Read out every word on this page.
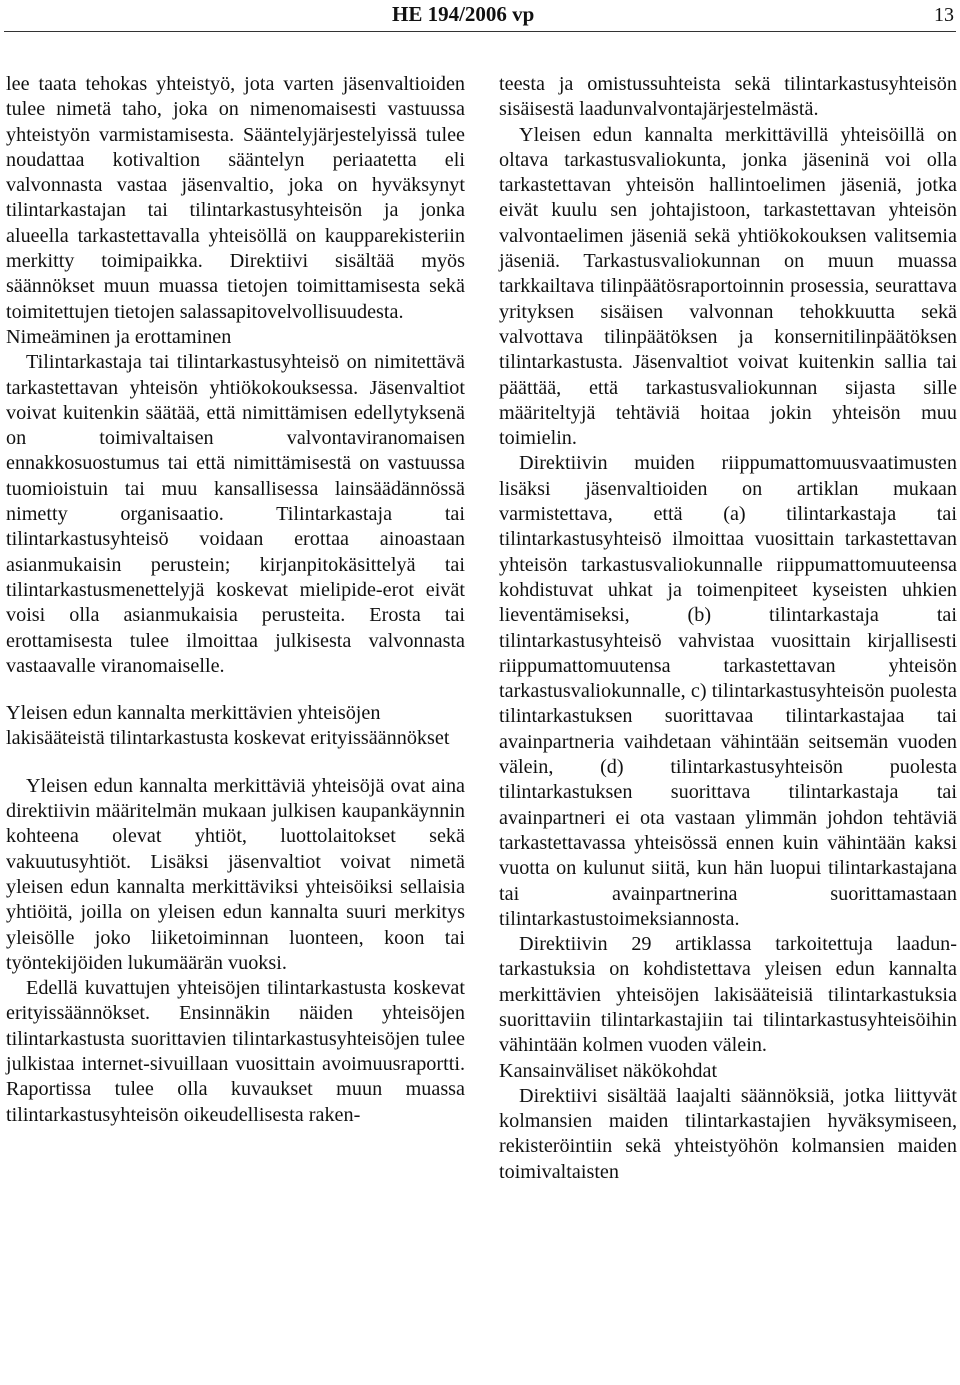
HE 194/2006 vp	13

lee taata tehokas yhteistyö, jota varten jäsenvaltioiden tulee nimetä taho, joka on nimenomaisesti vastuussa yhteistyön varmistamisesta. Sääntelyjärjestelyissä tulee noudattaa kotivaltion sääntelyn periaatetta eli valvonnasta vastaa jäsenvaltio, joka on hyväksynyt tilintarkastajan tai tilintarkastusyhteisön ja jonka alueella tarkastettavalla yhteisöllä on kaupparekisteriin merkitty toimipaikka. Direktiivi sisältää myös säännökset muun muassa tietojen toimittamisesta sekä toimitettujen tietojen salassapitovelvollisuudesta.

Nimeäminen ja erottaminen

Tilintarkastaja tai tilintarkastusyhteisö on nimitettävä tarkastettavan yhteisön yhtiökokouksessa. Jäsenvaltiot voivat kuitenkin säätää, että nimittämisen edellytyksenä on toimivaltaisen valvontaviranomaisen ennakkosuostumus tai että nimittämisestä on vastuussa tuomioistuin tai muu kansallisessa lainsäädännössä nimetty organisaatio. Tilintarkastaja tai tilintarkastusyhteisö voidaan erottaa ainoastaan asianmukaisin perustein; kirjanpitokäsittelyä tai tilintarkastusmenettelyjä koskevat mielipide-erot eivät voisi olla asianmukaisia perusteita. Erosta tai erottamisesta tulee ilmoittaa julkisesta valvonnasta vastaavalle viranomaiselle.

Yleisen edun kannalta merkittävien yhteisöjen lakisääteistä tilintarkastusta koskevat erityissäännökset

Yleisen edun kannalta merkittäviä yhteisöjä ovat aina direktiivin määritelmän mukaan julkisen kaupankäynnin kohteena olevat yhtiöt, luottolaitokset sekä vakuutusyhtiöt. Lisäksi jäsenvaltiot voivat nimetä yleisen edun kannalta merkittäviksi yhteisöiksi sellaisia yhtiöitä, joilla on yleisen edun kannalta suuri merkitys yleisölle joko liiketoiminnan luonteen, koon tai työntekijöiden lukumäärän vuoksi.

Edellä kuvattujen yhteisöjen tilintarkastusta koskevat erityissäännökset. Ensinnäkin näiden yhteisöjen tilintarkastusta suorittavien tilintarkastusyhteisöjen tulee julkistaa internet-sivuillaan vuosittain avoimuusraportti. Raportissa tulee olla kuvaukset muun muassa tilintarkastusyhteisön oikeudellisesta raken-

teesta ja omistussuhteista sekä tilintarkastusyhteisön sisäisestä laadunvalvontajärjestelmästä.

Yleisen edun kannalta merkittävillä yhteisöillä on oltava tarkastusvaliokunta, jonka jäseninä voi olla tarkastettavan yhteisön hallintoelimen jäseniä, jotka eivät kuulu sen johtajistoon, tarkastettavan yhteisön valvontaelimen jäseniä sekä yhtiökokouksen valitsemia jäseniä. Tarkastusvaliokunnan on muun muassa tarkkailtava tilinpäätösraportoinnin prosessia, seurattava yrityksen sisäisen valvonnan tehokkuutta sekä valvottava tilinpäätöksen ja konsernitilinpäätöksen tilintarkastusta. Jäsenvaltiot voivat kuitenkin sallia tai päättää, että tarkastusvaliokunnan sijasta sille määriteltyjä tehtäviä hoitaa jokin yhteisön muu toimielin.

Direktiivin muiden riippumattomuusvaatimusten lisäksi jäsenvaltioiden on artiklan mukaan varmistettava, että (a) tilintarkastaja tai tilintarkastusyhteisö ilmoittaa vuosittain tarkastettavan yhteisön tarkastusvaliokunnalle riippumattomuuteensa kohdistuvat uhkat ja toimenpiteet kyseisten uhkien lieventämiseksi, (b) tilintarkastaja tai tilintarkastusyhteisö vahvistaa vuosittain kirjallisesti riippumattomuutensa tarkastettavan yhteisön tarkastusvaliokunnalle, c) tilintarkastusyhteisön puolesta tilintarkastuksen suorittavaa tilintarkastajaa tai avainpartneria vaihdetaan vähintään seitsemän vuoden välein, (d) tilintarkastusyhteisön puolesta tilintarkastuksen suorittava tilintarkastaja tai avainpartneri ei ota vastaan ylimmän johdon tehtäviä tarkastettavassa yhteisössä ennen kuin vähintään kaksi vuotta on kulunut siitä, kun hän luopui tilintarkastajana tai avainpartnerina suorittamastaan tilintarkastustoimeksiannosta.

Direktiivin 29 artiklassa tarkoitettuja laaduntarkastuksia on kohdistettava yleisen edun kannalta merkittävien yhteisöjen lakisääteisiä tilintarkastuksia suorittaviin tilintarkastajiin tai tilintarkastusyhteisöihin vähintään kolmen vuoden välein.

Kansainväliset näkökohdat

Direktiivi sisältää laajalti säännöksiä, jotka liittyvät kolmansien maiden tilintarkastajien hyväksymiseen, rekisteröintiin sekä yhteistyöhön kolmansien maiden toimivaltaisten
